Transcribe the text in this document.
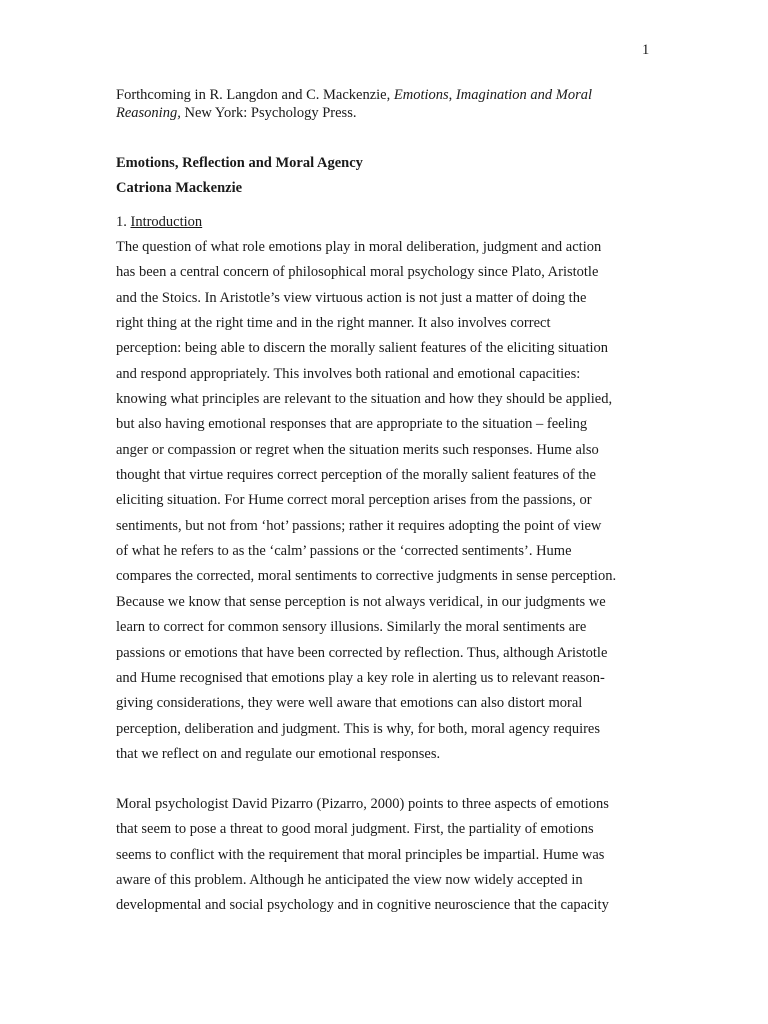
1
Forthcoming in R. Langdon and C. Mackenzie, Emotions, Imagination and Moral Reasoning, New York: Psychology Press.
Emotions, Reflection and Moral Agency
Catriona Mackenzie
1. Introduction
The question of what role emotions play in moral deliberation, judgment and action
has been a central concern of philosophical moral psychology since Plato, Aristotle
and the Stoics. In Aristotle’s view virtuous action is not just a matter of doing the
right thing at the right time and in the right manner. It also involves correct
perception: being able to discern the morally salient features of the eliciting situation
and respond appropriately. This involves both rational and emotional capacities:
knowing what principles are relevant to the situation and how they should be applied,
but also having emotional responses that are appropriate to the situation – feeling
anger or compassion or regret when the situation merits such responses. Hume also
thought that virtue requires correct perception of the morally salient features of the
eliciting situation. For Hume correct moral perception arises from the passions, or
sentiments, but not from ‘hot’ passions; rather it requires adopting the point of view
of what he refers to as the ‘calm’ passions or the ‘corrected sentiments’. Hume
compares the corrected, moral sentiments to corrective judgments in sense perception.
Because we know that sense perception is not always veridical, in our judgments we
learn to correct for common sensory illusions. Similarly the moral sentiments are
passions or emotions that have been corrected by reflection. Thus, although Aristotle
and Hume recognised that emotions play a key role in alerting us to relevant reason-
giving considerations, they were well aware that emotions can also distort moral
perception, deliberation and judgment. This is why, for both, moral agency requires
that we reflect on and regulate our emotional responses.
Moral psychologist David Pizarro (Pizarro, 2000) points to three aspects of emotions
that seem to pose a threat to good moral judgment. First, the partiality of emotions
seems to conflict with the requirement that moral principles be impartial. Hume was
aware of this problem. Although he anticipated the view now widely accepted in
developmental and social psychology and in cognitive neuroscience that the capacity
